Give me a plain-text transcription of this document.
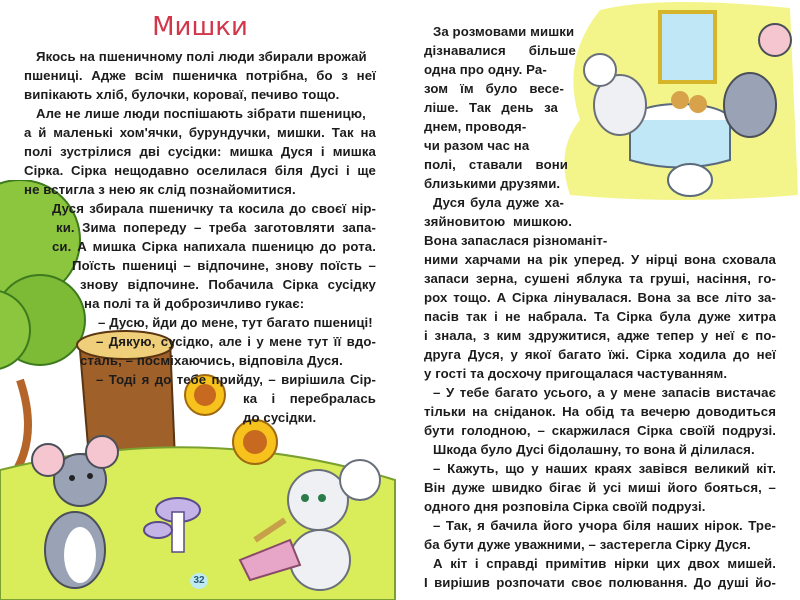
Мишки
Якось на пшеничному полі люди збирали врожай
пшениці. Адже всім пшеничка потрібна, бо з неї
випікають хліб, булочки, короваї, печиво тощо.
Але не лише люди поспішають зібрати пшеницю,
а й маленькі хом'ячки, бурундучки, мишки. Так на
полі зустрілися дві сусідки: мишка Дуся і мишка
Сірка. Сірка нещодавно оселилася біля Дусі і ще
не встигла з нею як слід познайомитися.
Дуся збирала пшеничку та косила до своєї нір-
ки. Зима попереду – треба заготовляти запа-
си. А мишка Сірка напихала пшеницю до рота.
Поїсть пшениці – відпочине, знову поїсть –
знову відпочине. Побачила Сірка сусідку
на полі та й доброзичливо гукає:
– Дусю, йди до мене, тут багато пшениці!
– Дякую, сусідко, але і у мене тут її вдо-
сталь, – посміхаючись, відповіла Дуся.
– Тоді я до тебе прийду, – вирішила Сір-
ка і перебралась
до сусідки.
32
За розмовами мишки
дізнавалися більше
одна про одну. Ра-
зом їм було весе-
ліше. Так день за
днем, проводя-
чи разом час на
полі, ставали вони
близькими друзями.
Дуся була дуже ха-
зяйновитою мишкою.
Вона запаслася різноманіт-
ними харчами на рік уперед. У нірці вона сховала
запаси зерна, сушені яблука та груші, насіння, го-
рох тощо. А Сірка лінувалася. Вона за все літо за-
пасів так і не набрала. Та Сірка була дуже хитра
і знала, з ким здружитися, адже тепер у неї є по-
друга Дуся, у якої багато їжі. Сірка ходила до неї
у гості та досхочу пригощалася частуванням.
– У тебе багато усього, а у мене запасів вистачає
тільки на сніданок. На обід та вечерю доводиться
бути голодною, – скаржилася Сірка своїй подрузі.
Шкода було Дусі бідолашну, то вона й ділилася.
– Кажуть, що у наших краях завівся великий кіт.
Він дуже швидко бігає й усі миші його бояться, –
одного дня розповіла Сірка своїй подрузі.
– Так, я бачила його учора біля наших нірок. Тре-
ба бути дуже уважними, – застерегла Сірку Дуся.
А кіт і справді примітив нірки цих двох мишей.
І вирішив розпочати своє полювання. До душі йо-
